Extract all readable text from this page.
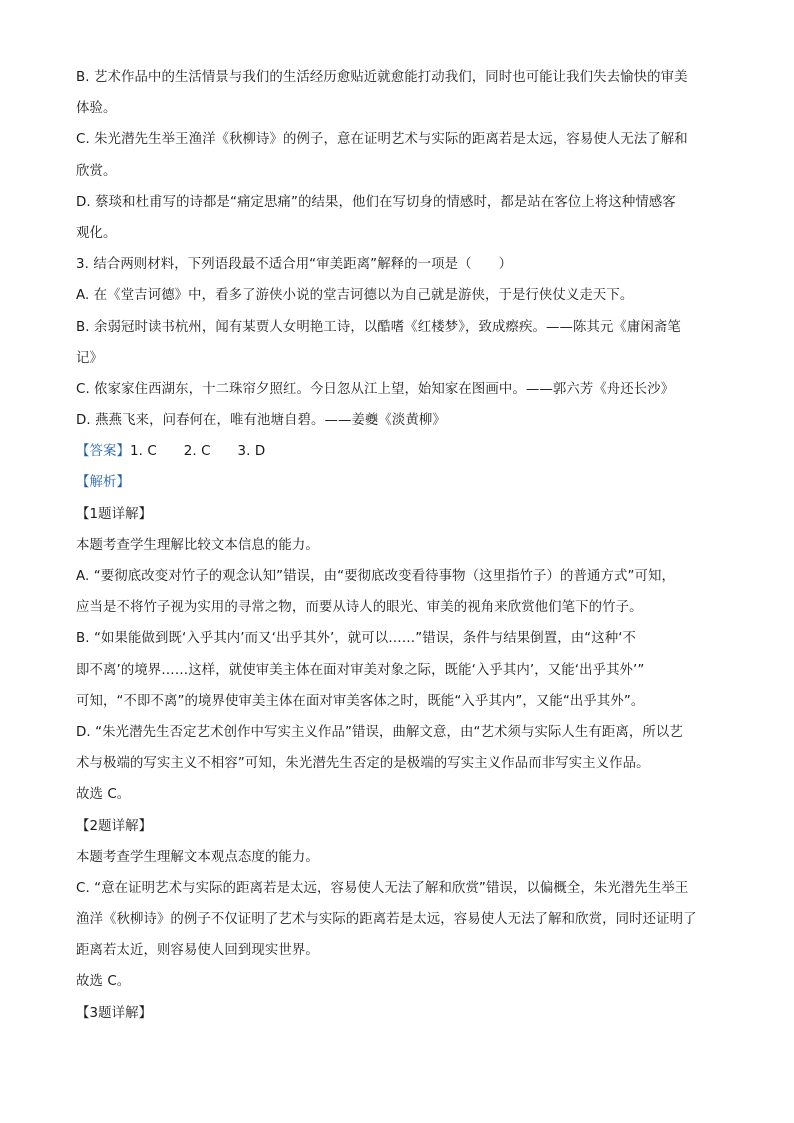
B. 艺术作品中的生活情景与我们的生活经历愈贴近就愈能打动我们，同时也可能让我们失去愉快的审美
体验。
C. 朱光潜先生举王渔洋《秋柳诗》的例子，意在证明艺术与实际的距离若是太远，容易使人无法了解和
欣赏。
D. 蔡琰和杜甫写的诗都是“痛定思痛”的结果，他们在写切身的情感时，都是站在客位上将这种情感客
观化。
3. 结合两则材料，下列语段最不适合用“审美距离”解释的一项是（　　）
A. 在《堂吉诃德》中，看多了游侠小说的堂吉诃德以为自己就是游侠，于是行侠仗义走天下。
B. 余弱冠时读书杭州，闻有某贾人女明艳工诗，以酷嗜《红楼梦》，致成瘵疾。——陈其元《庸闲斋笔
记》
C. 侬家家住西湖东，十二珠帘夕照红。今日忽从江上望，始知家在图画中。——郭六芳《舟还长沙》
D. 燕燕飞来，问春何在，唯有池塘自碧。——姜夔《淡黄柳》
【答案】1. C　　2. C　　3. D
【解析】
【1题详解】
本题考查学生理解比较文本信息的能力。
A. “要彻底改变对竹子的观念认知”错误，由“要彻底改变看待事物（这里指竹子）的普通方式”可知，
应当是不将竹子视为实用的寻常之物，而要从诗人的眼光、审美的视角来欣赏他们笔下的竹子。
B. “如果能做到既‘入乎其内’而又‘出乎其外’，就可以……”错误，条件与结果倒置，由“这种‘不
即不离’的境界……这样，就使审美主体在面对审美对象之际，既能‘入乎其内’，又能‘出乎其外’”
可知，“不即不离”的境界使审美主体在面对审美客体之时，既能“入乎其内”，又能“出乎其外”。
D. “朱光潜先生否定艺术创作中写实主义作品”错误，曲解文意，由“艺术须与实际人生有距离，所以艺
术与极端的写实主义不相容”可知，朱光潜先生否定的是极端的写实主义作品而非写实主义作品。
故选 C。
【2题详解】
本题考查学生理解文本观点态度的能力。
C. “意在证明艺术与实际的距离若是太远，容易使人无法了解和欣赏”错误，以偏概全，朱光潜先生举王
渔洋《秋柳诗》的例子不仅证明了艺术与实际的距离若是太远，容易使人无法了解和欣赏，同时还证明了
距离若太近，则容易使人回到现实世界。
故选 C。
【3题详解】
